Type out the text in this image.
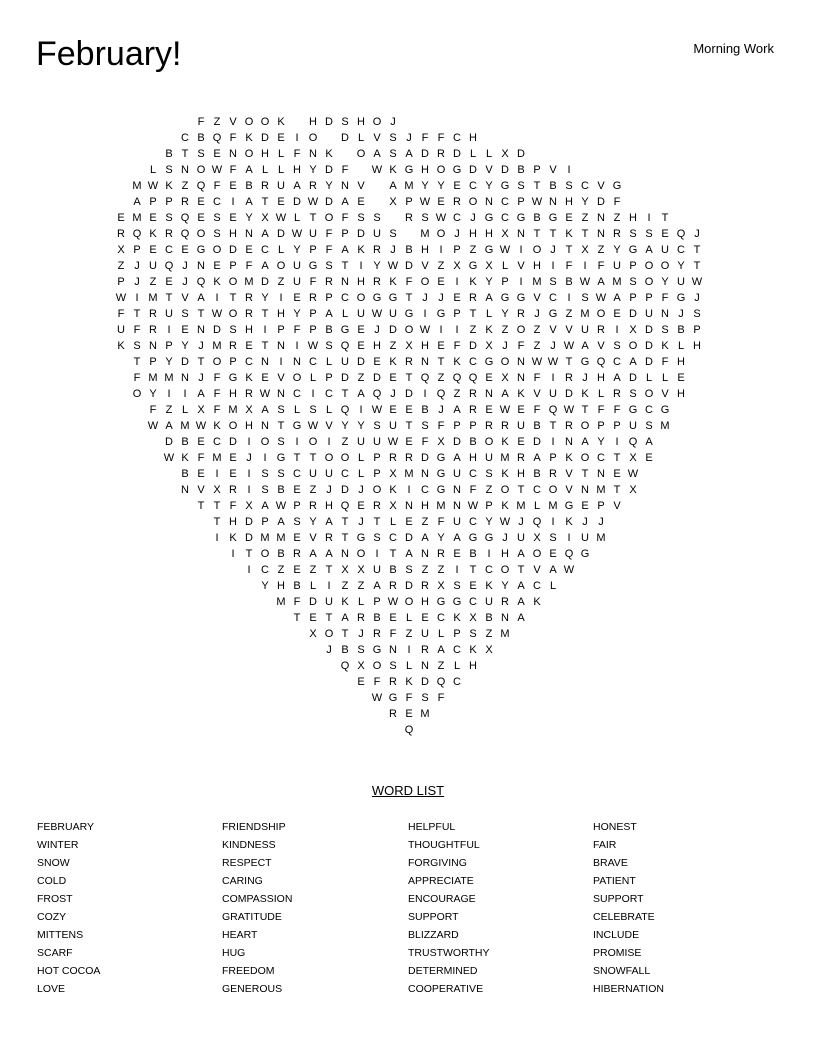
February!	Morning Work
F Z V O O K	H D S H O J
C B Q F K D E I O	D L V S J F F C H
B T S E N O H L F N K	O A S A D R D L L X D
L S N O W F A L L H Y D F	W K G H O G D V D B P V I
M W K Z Q F E B R U A R Y N V	A M Y Y E C Y G S T B S C V G
A P P R E C I A T E D W D A E	X P W E R O N C P W N H Y D F
E M E S Q E S E Y X W L T O F S S	R S W C J G C G B G E Z N Z H I	T
R Q K R Q O S H N A D W U F P D U S	M O J H H X N T T K T N R S S E Q J
X P E C E G O D E C L Y P F A K R J B H I P Z G W I O J T X Z Y G A U C T
Z J U Q J N E P F A O U G S T	I Y W D V Z X G X L V H I	F	I	F U P O O Y T
P J Z E J Q K O M D Z U F R N H R K F O E I K Y P I M S B W A M S O Y U W
W I M T V A I	T R Y I E R P C O G G T J J E R A G G V C I S W A P P F G J
F T R U S T W O R T H Y P A L U W U G I G P T L Y R J G Z M O E D U N J S
U F R I E N D S H I P F P B G E J D O W I	I	Z K Z O Z V V U R I X D S B P
K S N P Y J M R E T N I W S Q E H Z X H E F D X J F Z J W A V S O D K L H
T P Y D T O P C N I N C L U D E K R N T K C G O N W W T G Q C A D F H
F M M N J F G K E V O L P D Z D E T Q Z Q Q E X N F	I R J H A D L L E
O Y I	I A F H R W N C I C T A Q J D I Q Z R N A K V U D K L R S O V H
F Z L X F M X A S L S L Q I W E E B J A R E W E F Q W T F F G C G
W A M W K O H N T G W V Y Y S U T S F P P R R U B T R O P P U S M
D B E C D I O S I O I	Z U U W E F X D B O K E D I N A Y I Q A
W K F M E J	I G T T O O L P R R D G A H U M R A P K O C T X E
B E I E I S S C U U C L P X M N G U C S K H B R V T N E W
N V X R I S B E Z J D J O K I C G N F Z O T C O V N M T X
T T F X A W P R H Q E R X N H M N W P K M L M G E P V
T H D P A S Y A T J T L E Z F U C Y W J Q I K J J
I K D M M E V R T G S C D A Y A G G J U X S I U M
I	T O B R A A N O I	T A N R E B I H A O E Q G
I C Z E Z T X X U B S Z Z	I	T C O T V A W
Y H B L	I	Z Z A R D R X S E K Y A C L
M F D U K L P W O H G G C U R A K
T E T A R B E L E C K X B N A
X O T J R F Z U L P S Z M
J B S G N I R A C K X
Q X O S L N Z L H
E F R K D Q C
W G F S F
R E M
Q
WORD LIST
FEBRUARY
WINTER
SNOW
COLD
FROST
COZY
MITTENS
SCARF
HOT COCOA
LOVE
FRIENDSHIP
KINDNESS
RESPECT
CARING
COMPASSION
GRATITUDE
HEART
HUG
FREEDOM
GENEROUS
HELPFUL
THOUGHTFUL
FORGIVING
APPRECIATE
ENCOURAGE
SUPPORT
BLIZZARD
TRUSTWORTHY
DETERMINED
COOPERATIVE
HONEST
FAIR
BRAVE
PATIENT
SUPPORT
CELEBRATE
INCLUDE
PROMISE
SNOWFALL
HIBERNATION
